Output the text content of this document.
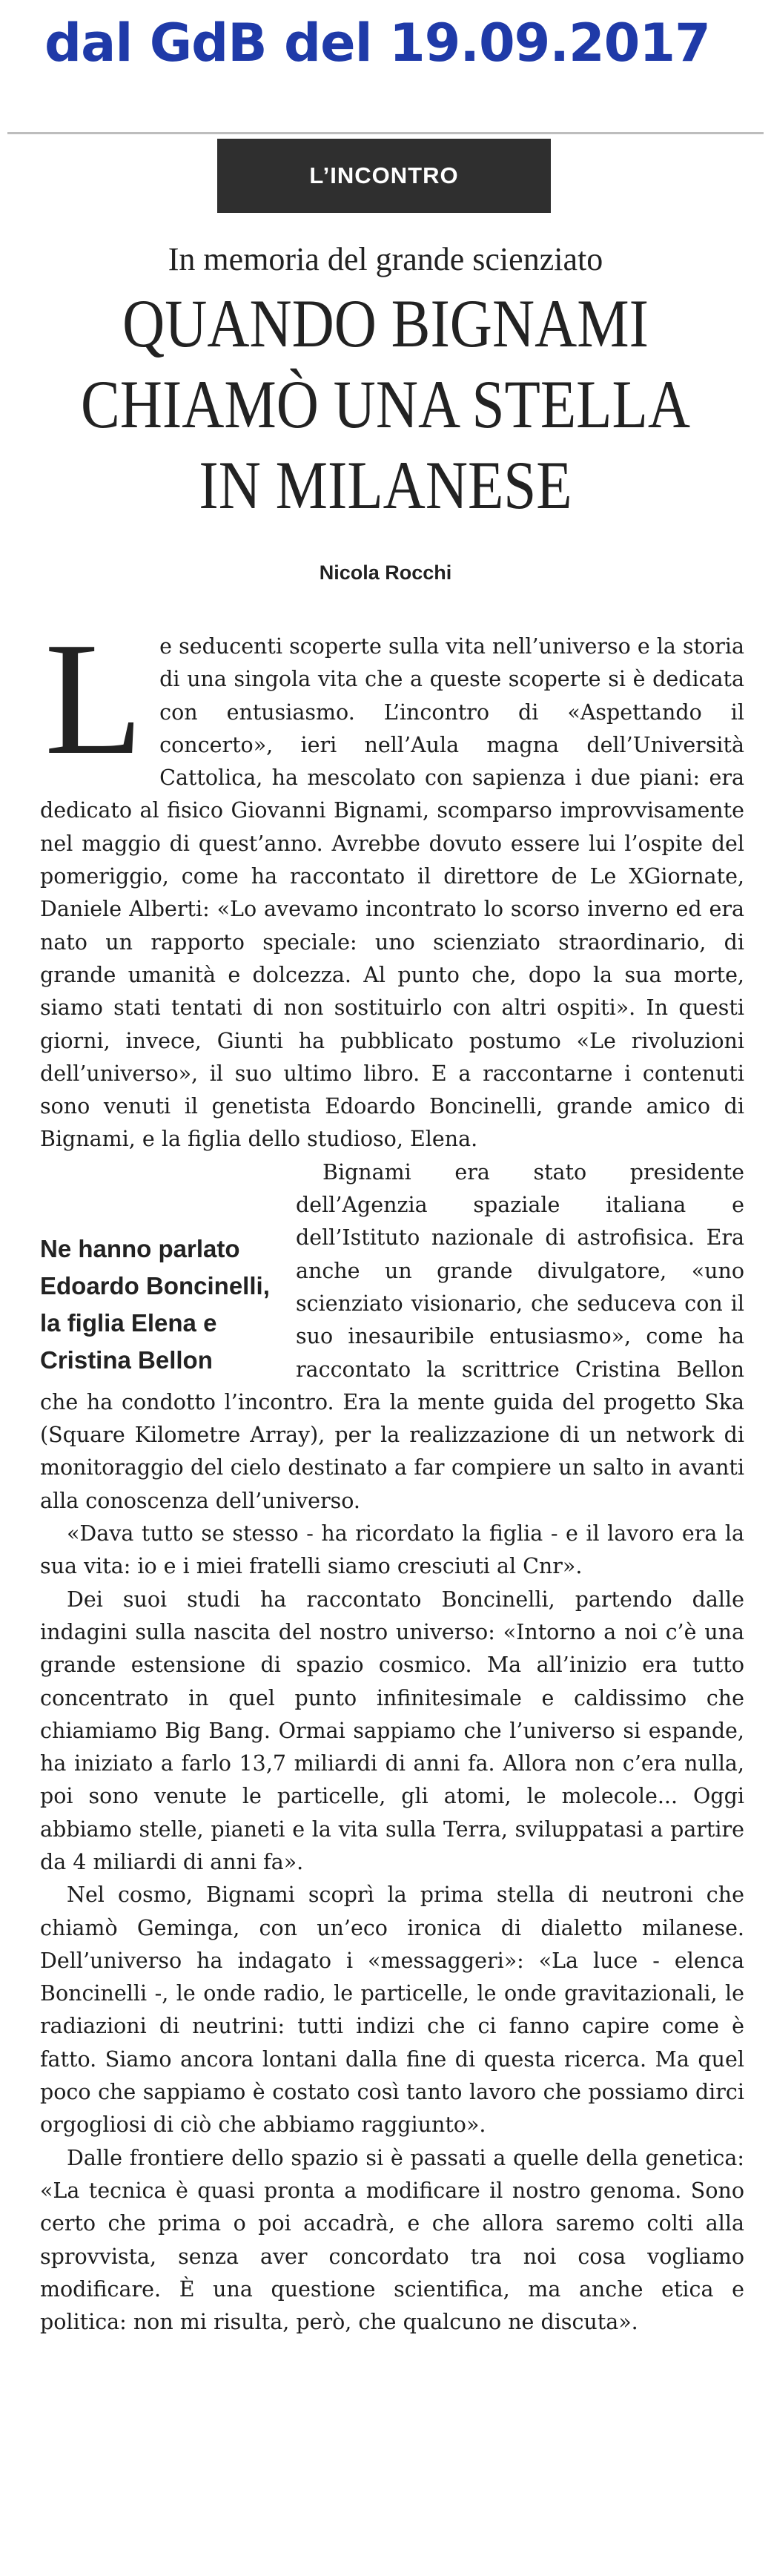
dal GdB del 19.09.2017
L’INCONTRO
In memoria del grande scienziato
QUANDO BIGNAMI
CHIAMÒ UNA STELLA
IN MILANESE
Nicola Rocchi
L e seducenti scoperte sulla vita nell’universo e la storia di una singola vita che a queste scoperte si è dedicata con entusiasmo. L’incontro di «Aspettando il concerto», ieri nell’Aula magna dell’Università Cattolica, ha mescolato con sapienza i due piani: era dedicato al fisico Giovanni Bignami, scomparso improvvisamente nel maggio di quest’anno. Avrebbe dovuto essere lui l’ospite del pomeriggio, come ha raccontato il direttore de Le XGiornate, Daniele Alberti: «Lo avevamo incontrato lo scorso inverno ed era nato un rapporto speciale: uno scienziato straordinario, di grande umanità e dolcezza. Al punto che, dopo la sua morte, siamo stati tentati di non sostituirlo con altri ospiti». In questi giorni, invece, Giunti ha pubblicato postumo «Le rivoluzioni dell’universo», il suo ultimo libro. E a raccontarne i contenuti sono venuti il genetista Edoardo Boncinelli, grande amico di Bignami, e la figlia dello studioso, Elena.

Ne hanno parlato Edoardo Boncinelli, la figlia Elena e Cristina Bellon

Bignami era stato presidente dell’Agenzia spaziale italiana e dell’Istituto nazionale di astrofisica. Era anche un grande divulgatore, «uno scienziato visionario, che seduceva con il suo inesauribile entusiasmo», come ha raccontato la scrittrice Cristina Bellon che ha condotto l’incontro. Era la mente guida del progetto Ska (Square Kilometre Array), per la realizzazione di un network di monitoraggio del cielo destinato a far compiere un salto in avanti alla conoscenza dell’universo.

«Dava tutto se stesso - ha ricordato la figlia - e il lavoro era la sua vita: io e i miei fratelli siamo cresciuti al Cnr».

Dei suoi studi ha raccontato Boncinelli, partendo dalle indagini sulla nascita del nostro universo: «Intorno a noi c’è una grande estensione di spazio cosmico. Ma all’inizio era tutto concentrato in quel punto infinitesimale e caldissimo che chiamiamo Big Bang. Ormai sappiamo che l’universo si espande, ha iniziato a farlo 13,7 miliardi di anni fa. Allora non c’era nulla, poi sono venute le particelle, gli atomi, le molecole... Oggi abbiamo stelle, pianeti e la vita sulla Terra, sviluppatasi a partire da 4 miliardi di anni fa».

Nel cosmo, Bignami scoprì la prima stella di neutroni che chiamò Geminga, con un’eco ironica di dialetto milanese. Dell’universo ha indagato i «messaggeri»: «La luce - elenca Boncinelli -, le onde radio, le particelle, le onde gravitazionali, le radiazioni di neutrini: tutti indizi che ci fanno capire come è fatto. Siamo ancora lontani dalla fine di questa ricerca. Ma quel poco che sappiamo è costato così tanto lavoro che possiamo dirci orgogliosi di ciò che abbiamo raggiunto».

Dalle frontiere dello spazio si è passati a quelle della genetica: «La tecnica è quasi pronta a modificare il nostro genoma. Sono certo che prima o poi accadrà, e che allora saremo colti alla sprovvista, senza aver concordato tra noi cosa vogliamo modificare. È una questione scientifica, ma anche etica e politica: non mi risulta, però, che qualcuno ne discuta».
